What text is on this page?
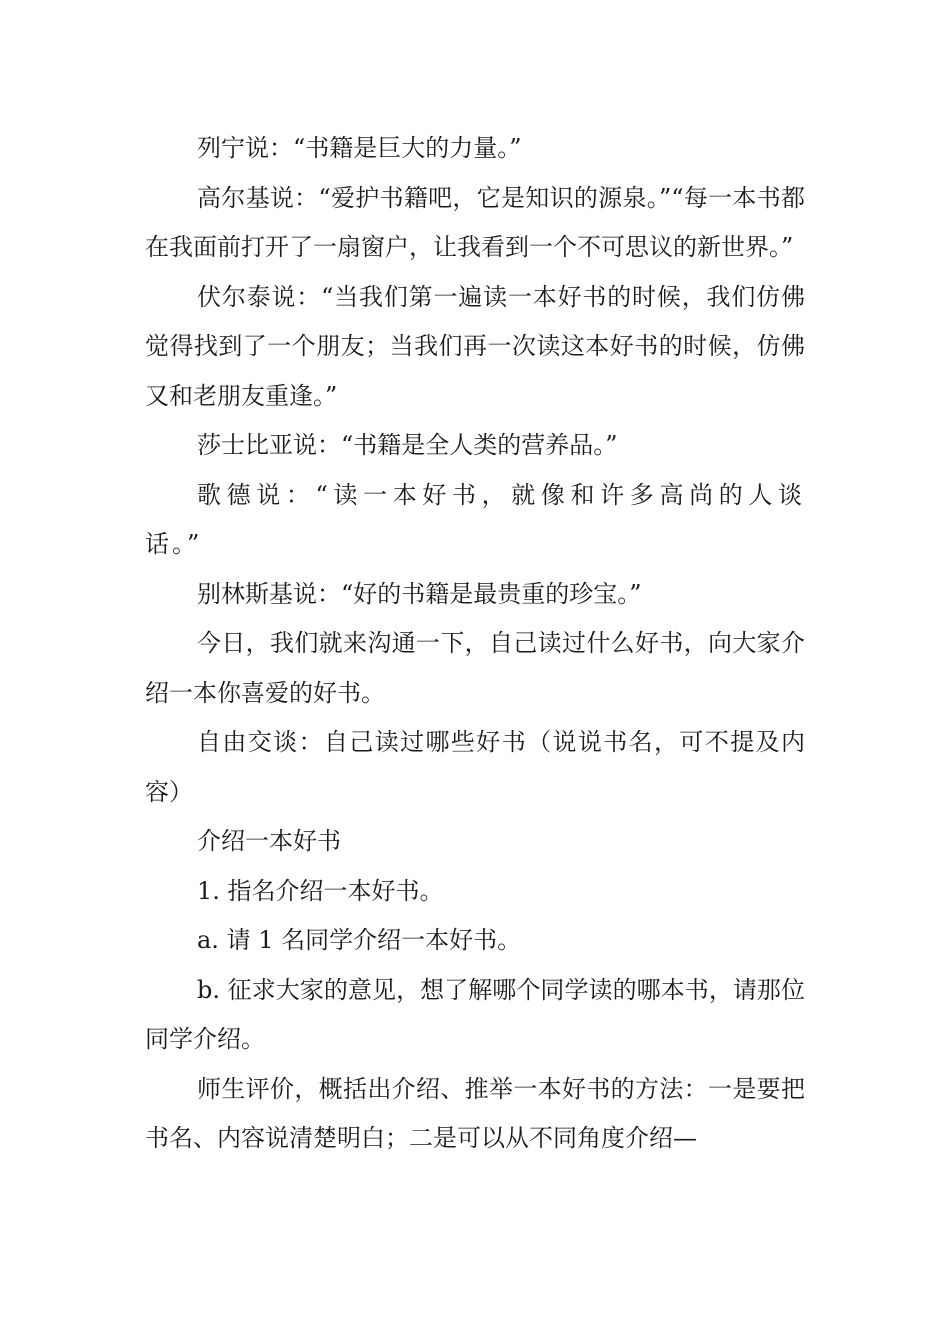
列宁说：“书籍是巨大的力量。”

高尔基说：“爱护书籍吧，它是知识的源泉。”“每一本书都在我面前打开了一扇窗户，让我看到一个不可思议的新世界。”

伏尔泰说：“当我们第一遍读一本好书的时候，我们仿佛觉得找到了一个朋友；当我们再一次读这本好书的时候，仿佛又和老朋友重逢。”

莎士比亚说：“书籍是全人类的营养品。”

歌德说：“读一本好书，就像和许多高尚的人谈话。”

别林斯基说：“好的书籍是最贵重的珍宝。”

今日，我们就来沟通一下，自己读过什么好书，向大家介绍一本你喜爱的好书。

自由交谈：自己读过哪些好书（说说书名，可不提及内容）

介绍一本好书

1. 指名介绍一本好书。

a. 请 1 名同学介绍一本好书。

b. 征求大家的意见，想了解哪个同学读的哪本书，请那位同学介绍。

师生评价，概括出介绍、推举一本好书的方法：一是要把书名、内容说清楚明白；二是可以从不同角度介绍—
